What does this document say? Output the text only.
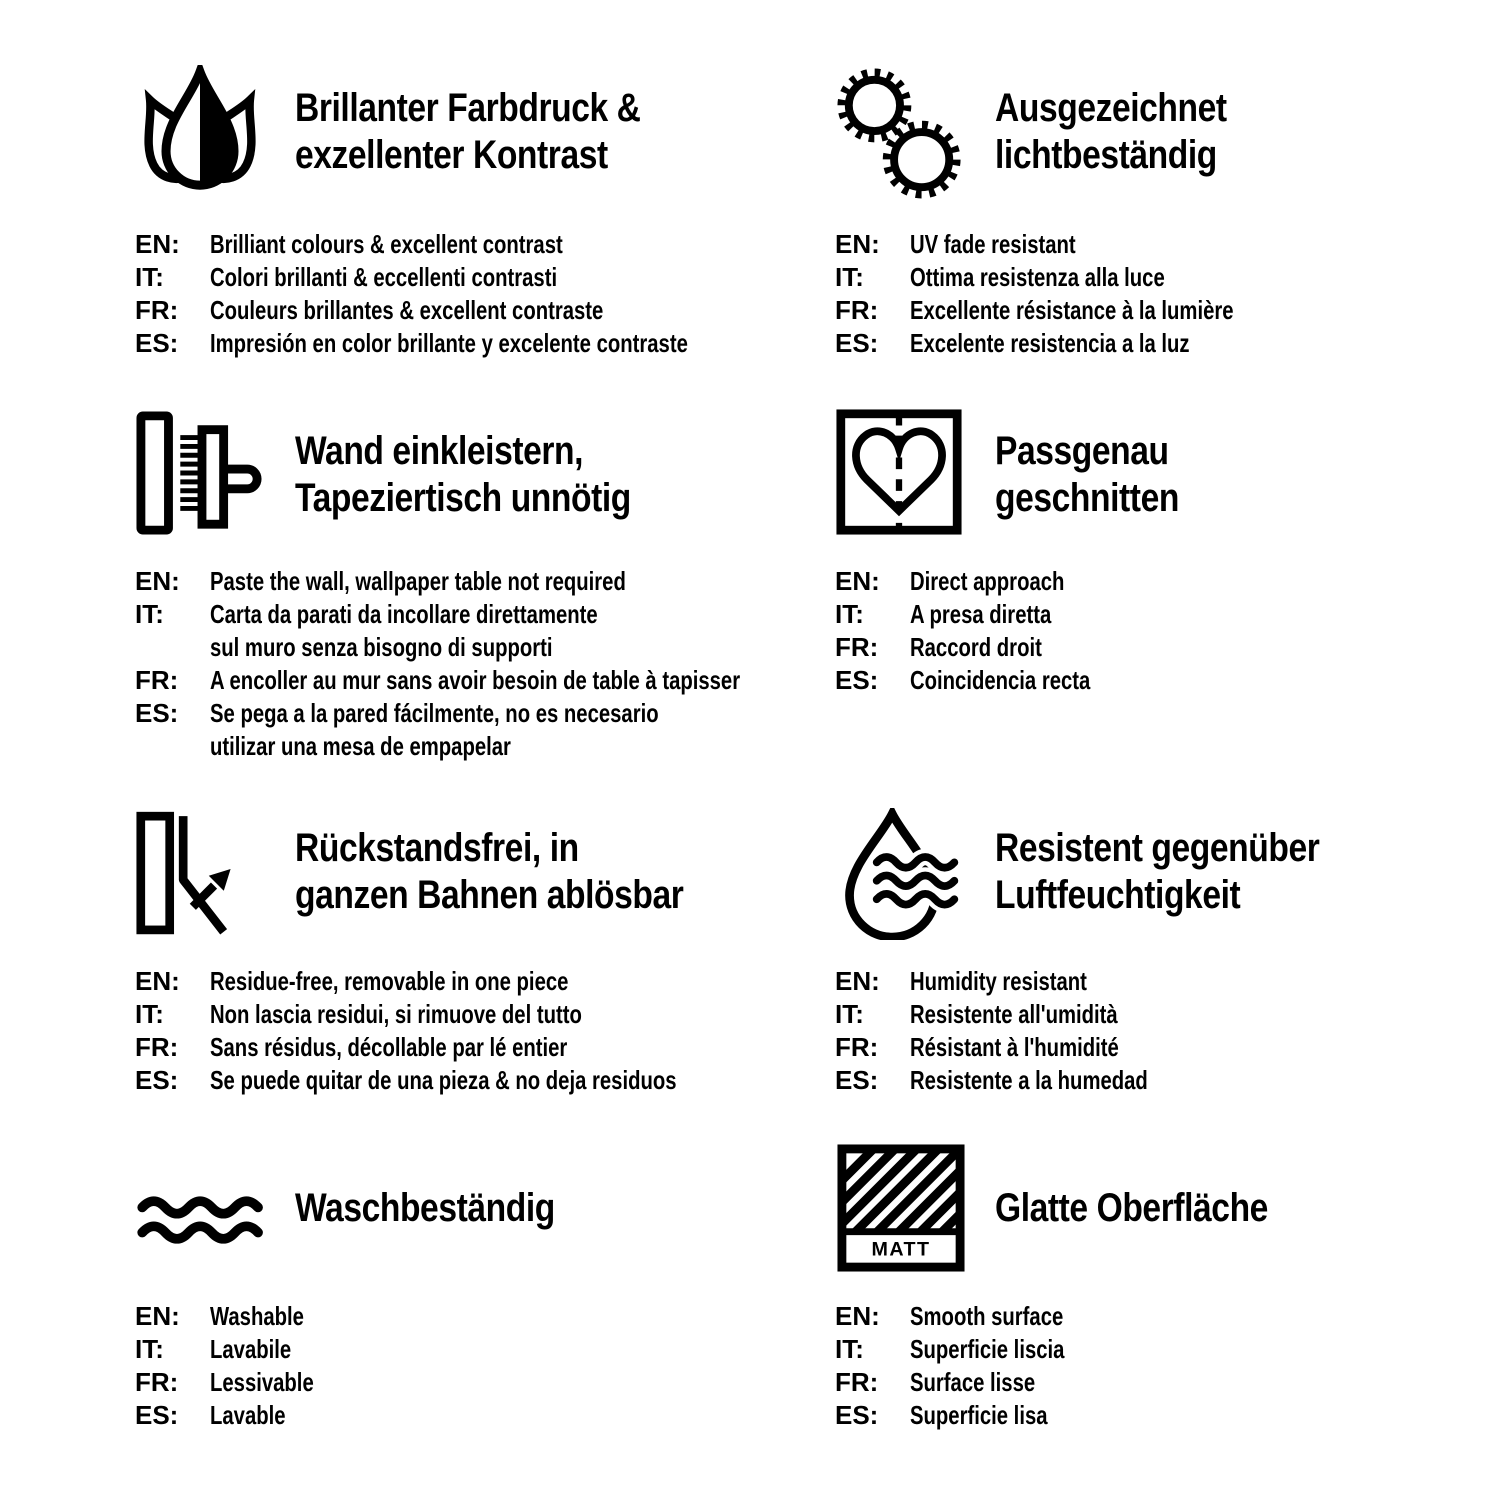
Brillanter Farbdruck &
exzellenter Kontrast
EN:	Brilliant colours & excellent contrast
IT:	Colori brillanti & eccellenti contrasti
FR:	Couleurs brillantes & excellent contraste
ES:	Impresión en color brillante y excelente contraste
Ausgezeichnet
lichtbeständig
EN:	UV fade resistant
IT:	Ottima resistenza alla luce
FR:	Excellente résistance à la lumière
ES:	Excelente resistencia a la luz
Wand einkleistern,
Tapeziertisch unnötig
EN:	Paste the wall, wallpaper table not required
IT:	Carta da parati da incollare direttamente
sul muro senza bisogno di supporti
FR:	A encoller au mur sans avoir besoin de table à tapisser
ES:	Se pega a la pared fácilmente, no es necesario
utilizar una mesa de empapelar
Passgenau
geschnitten
EN:	Direct approach
IT:	A presa diretta
FR:	Raccord droit
ES:	Coincidencia recta
Rückstandsfrei, in
ganzen Bahnen ablösbar
EN:	Residue-free, removable in one piece
IT:	Non lascia residui, si rimuove del tutto
FR:	Sans résidus, décollable par lé entier
ES:	Se puede quitar de una pieza & no deja residuos
Resistent gegenüber
Luftfeuchtigkeit
EN:	Humidity resistant
IT:	Resistente all'umidità
FR:	Résistant à l'humidité
ES:	Resistente a la humedad
Waschbeständig
EN:	Washable
IT:	Lavabile
FR:	Lessivable
ES:	Lavable
MATT
Glatte Oberfläche
EN:	Smooth surface
IT:	Superficie liscia
FR:	Surface lisse
ES:	Superficie lisa
